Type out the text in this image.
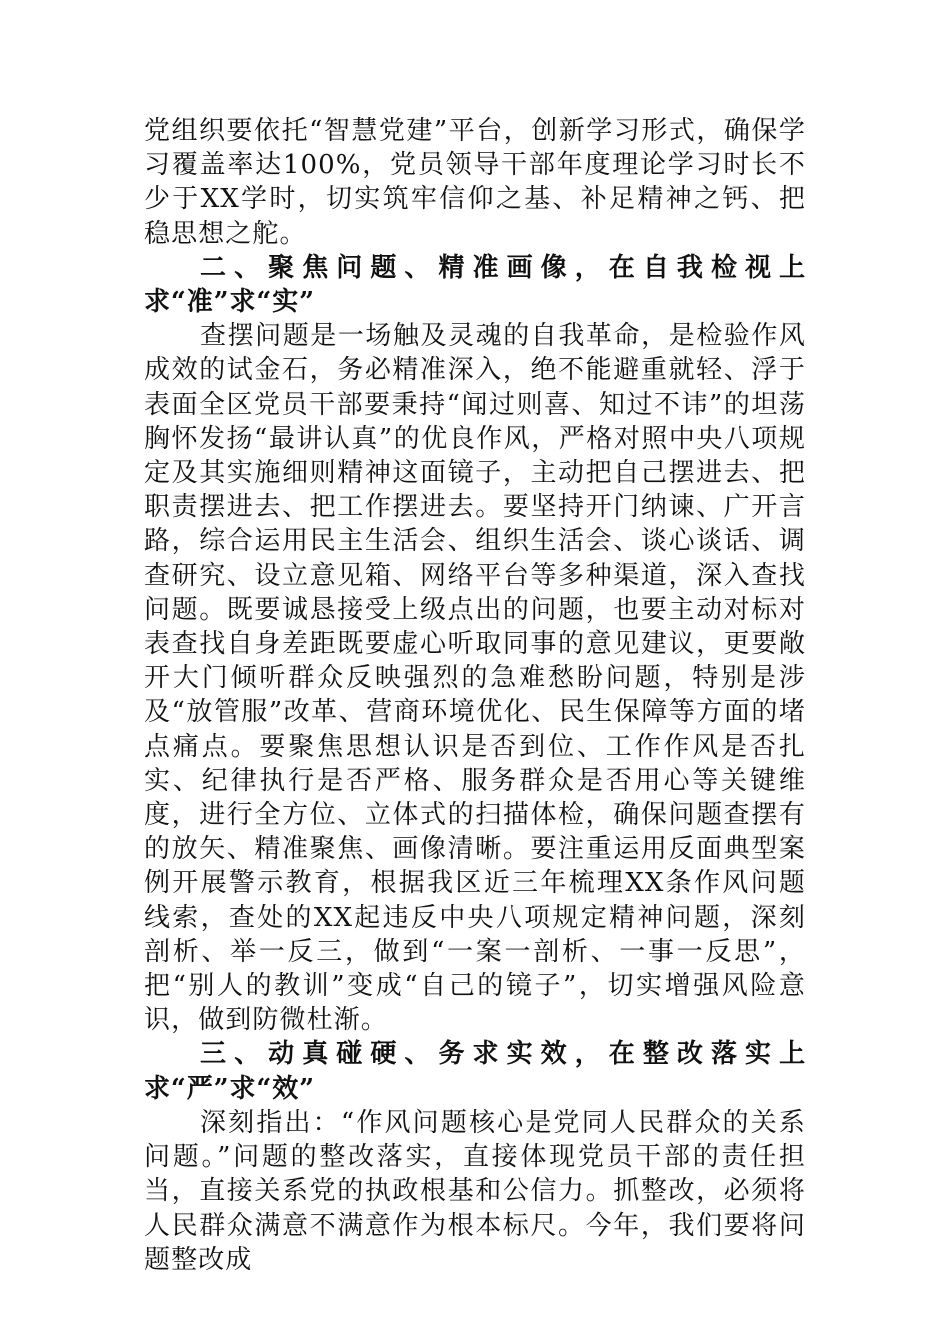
党组织要依托“智慧党建”平台，创新学习形式，确保学习覆盖率达100%，党员领导干部年度理论学习时长不少于XX学时，切实筑牢信仰之基、补足精神之钙、把稳思想之舵。

二、聚焦问题、精准画像，在自我检视上求“准”求“实”

查摆问题是一场触及灵魂的自我革命，是检验作风成效的试金石，务必精准深入，绝不能避重就轻、浮于表面全区党员干部要秉持“闻过则喜、知过不讳”的坦荡胸怀发扬“最讲认真”的优良作风，严格对照中央八项规定及其实施细则精神这面镜子，主动把自己摆进去、把职责摆进去、把工作摆进去。要坚持开门纳谏、广开言路，综合运用民主生活会、组织生活会、谈心谈话、调查研究、设立意见箱、网络平台等多种渠道，深入查找问题。既要诚恳接受上级点出的问题，也要主动对标对表查找自身差距既要虚心听取同事的意见建议，更要敞开大门倾听群众反映强烈的急难愁盼问题，特别是涉及“放管服”改革、营商环境优化、民生保障等方面的堵点痛点。要聚焦思想认识是否到位、工作作风是否扎实、纪律执行是否严格、服务群众是否用心等关键维度，进行全方位、立体式的扫描体检，确保问题查摆有的放矢、精准聚焦、画像清晰。要注重运用反面典型案例开展警示教育，根据我区近三年梳理XX条作风问题线索，查处的XX起违反中央八项规定精神问题，深刻剖析、举一反三，做到“一案一剖析、一事一反思”，把“别人的教训”变成“自己的镜子”，切实增强风险意识，做到防微杜渐。

三、动真碰硬、务求实效，在整改落实上求“严”求“效”

深刻指出：“作风问题核心是党同人民群众的关系问题。”问题的整改落实，直接体现党员干部的责任担当，直接关系党的执政根基和公信力。抓整改，必须将人民群众满意不满意作为根本标尺。今年，我们要将问题整改成
